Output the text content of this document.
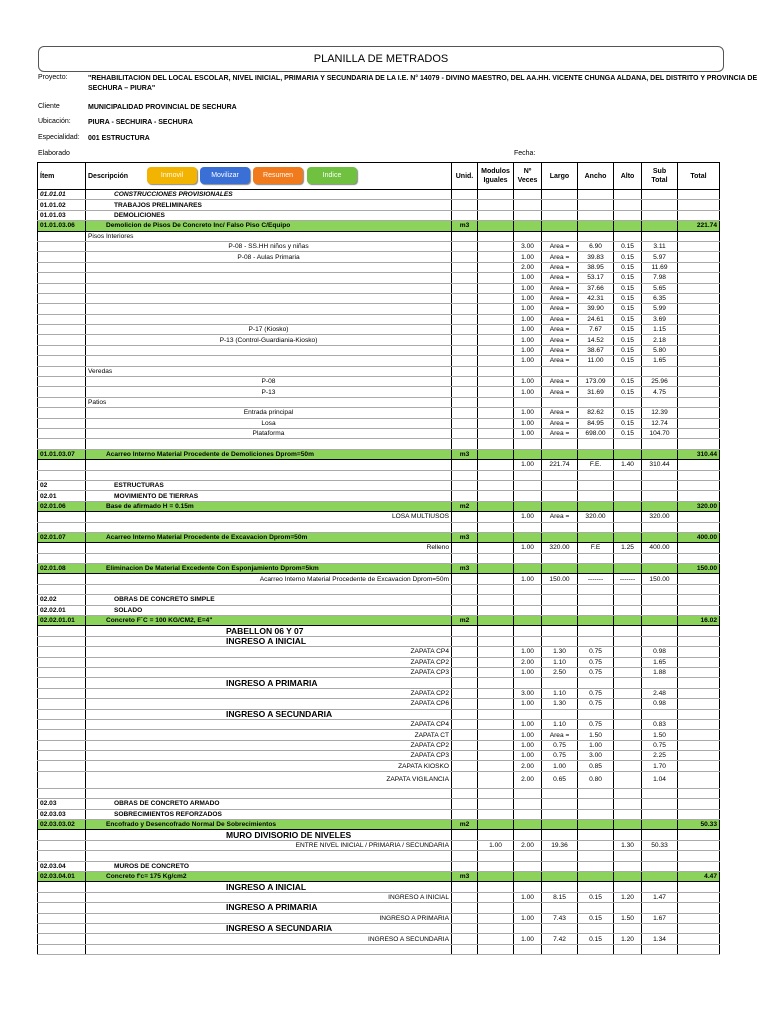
PLANILLA DE METRADOS
Proyecto:	"REHABILITACION DEL LOCAL ESCOLAR, NIVEL INICIAL, PRIMARIA Y SECUNDARIA DE LA I.E. N° 14079 - DIVINO MAESTRO, DEL AA.HH. VICENTE CHUNGA ALDANA, DEL DISTRITO Y PROVINCIA DE SECHURA – PIURA"
Cliente	MUNICIPALIDAD PROVINCIAL DE SECHURA
Ubicación: PIURA - SECHUIRA - SECHURA
Especialidad: 001 ESTRUCTURA
Elaborado	Fecha:
Ítem	Descripción	Unid.	Modulos Iguales	Nº Veces	Largo	Ancho	Alto	Sub Total	Total
01.01.01	CONSTRUCCIONES PROVISIONALES								
01.01.02	TRABAJOS PRELIMINARES								
01.01.03	DEMOLICIONES								
01.01.03.06	Demolicion de Pisos De Concreto Inc/ Falso Piso C/Equipo	m3							221.74
	Pisos Interiores								
	P-08 - SS.HH niños y niñas			3.00	Area =	6.90	0.15	3.11	
	P-08 - Aulas Primaria			1.00	Area =	39.83	0.15	5.97	
				2.00	Area =	38.95	0.15	11.69	
				1.00	Area =	53.17	0.15	7.98	
				1.00	Area =	37.66	0.15	5.65	
				1.00	Area =	42.31	0.15	6.35	
				1.00	Area =	39.90	0.15	5.99	
				1.00	Area =	24.61	0.15	3.69	
	P-17 (Kiosko)			1.00	Area =	7.67	0.15	1.15	
	P-13 (Control-Guardiania-Kiosko)			1.00	Area =	14.52	0.15	2.18	
				1.00	Area =	38.67	0.15	5.80	
				1.00	Area =	11.00	0.15	1.65	
	Veredas								
	P-08			1.00	Area =	173.09	0.15	25.96	
	P-13			1.00	Area =	31.69	0.15	4.75	
	Patios								
	Entrada principal			1.00	Area =	82.62	0.15	12.39	
	Losa			1.00	Area =	84.95	0.15	12.74	
	Plataforma			1.00	Area =	698.00	0.15	104.70	

01.01.03.07	Acarreo Interno Material Procedente de Demoliciones Dprom=50m	m3							310.44
				1.00	221.74	F.E.	1.40	310.44	

02	ESTRUCTURAS								
02.01	MOVIMIENTO DE TIERRAS								
02.01.06	Base de afirmado H = 0.15m	m2							320.00
	LOSA MULTIUSOS			1.00	Area =	320.00		320.00	

02.01.07	Acarreo Interno Material Procedente de Excavacion Dprom=50m	m3							400.00
	Relleno			1.00	320.00	F.E	1.25	400.00	

02.01.08	Eliminacion De Material Excedente Con Esponjamiento Dprom=5km	m3							150.00
	Acarreo Interno Material Procedente de Excavacion Dprom=50m			1.00	150.00	-------	-------	150.00	

02.02	OBRAS DE CONCRETO SIMPLE								
02.02.01	SOLADO								
02.02.01.01	Concreto F´C = 100 KG/CM2, E=4"	m2							16.02
	PABELLON 06 Y 07								
	INGRESO A INICIAL								
	ZAPATA CP4			1.00	1.30	0.75		0.98	
	ZAPATA CP2			2.00	1.10	0.75		1.65	
	ZAPATA CP3			1.00	2.50	0.75		1.88	
	INGRESO A PRIMARIA								
	ZAPATA CP2			3.00	1.10	0.75		2.48	
	ZAPATA CP6			1.00	1.30	0.75		0.98	
	INGRESO A SECUNDARIA								
	ZAPATA CP4			1.00	1.10	0.75		0.83	
	ZAPATA CT			1.00	Area =	1.50		1.50	
	ZAPATA CP2			1.00	0.75	1.00		0.75	
	ZAPATA CP3			1.00	0.75	3.00		2.25	
	ZAPATA KIOSKO			2.00	1.00	0.85		1.70	
	ZAPATA VIGILANCIA			2.00	0.65	0.80		1.04	

02.03	OBRAS DE CONCRETO ARMADO								
02.03.03	SOBRECIMIENTOS REFORZADOS								
02.03.03.02	Encofrado y Desencofrado Normal De Sobrecimientos	m2							50.33
	MURO DIVISORIO DE NIVELES								
	ENTRE NIVEL INICIAL / PRIMARIA / SECUNDARIA		1.00	2.00	19.36		1.30	50.33	

02.03.04	MUROS DE CONCRETO								
02.03.04.01	Concreto f'c= 175 Kg/cm2	m3							4.47
	INGRESO A INICIAL								
	INGRESO A INICIAL			1.00	8.15	0.15	1.20	1.47	
	INGRESO A PRIMARIA								
	INGRESO A PRIMARIA			1.00	7.43	0.15	1.50	1.67	
	INGRESO A SECUNDARIA								
	INGRESO A SECUNDARIA			1.00	7.42	0.15	1.20	1.34	

Inmovil	Movilizar	Resumen	Indice
